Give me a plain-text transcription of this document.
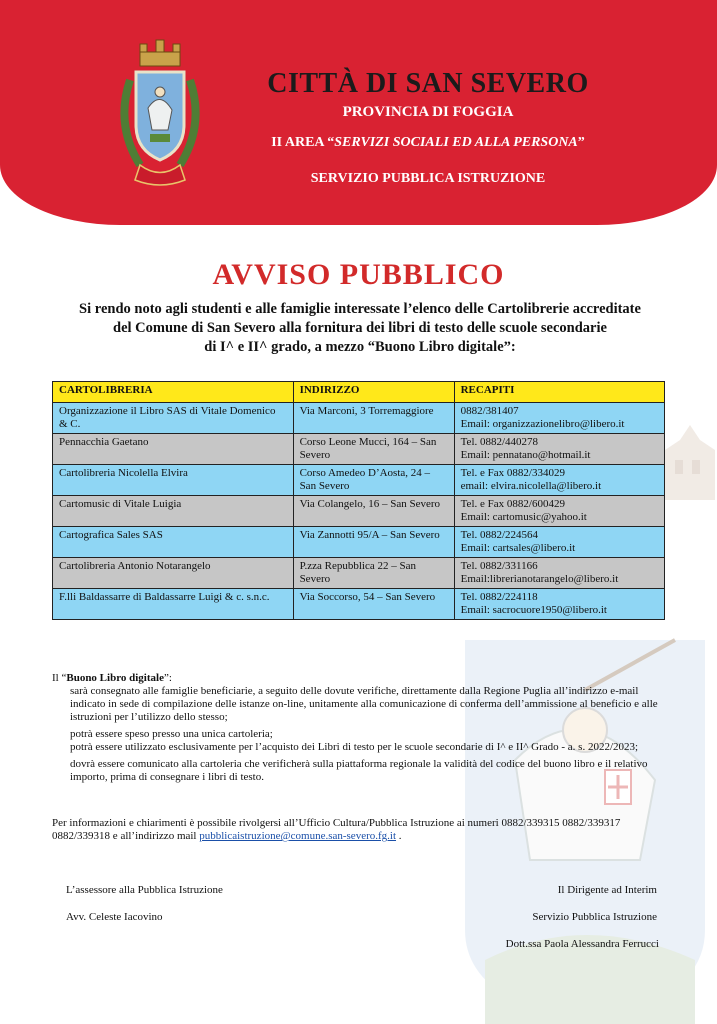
CITTÀ DI SAN SEVERO
PROVINCIA DI FOGGIA
II AREA “SERVIZI SOCIALI ED ALLA PERSONA”
SERVIZIO PUBBLICA ISTRUZIONE
AVVISO PUBBLICO
Si rendo noto agli studenti e alle famiglie interessate l’elenco delle Cartolibrerie accreditate
del Comune di San Severo alla fornitura dei libri di testo delle scuole secondarie
di I^ e II^ grado, a mezzo “Buono Libro digitale”:
CARTOLIBRERIA	INDIRIZZO	RECAPITI
Organizzazione il Libro SAS di Vitale Domenico & C.	Via Marconi, 3 Torremaggiore	0882/381407
Email: organizzazionelibro@libero.it

Pennacchia Gaetano	Corso Leone Mucci, 164 – San Severo	Tel. 0882/440278
Email: pennatano@hotmail.it

Cartolibreria Nicolella Elvira	Corso Amedeo D’Aosta, 24 – San Severo	Tel. e Fax 0882/334029
email: elvira.nicolella@libero.it

Cartomusic di Vitale Luigia	Via Colangelo, 16 – San Severo	Tel. e Fax 0882/600429
Email: cartomusic@yahoo.it

Cartografica Sales SAS	Via Zannotti 95/A – San Severo	Tel. 0882/224564
Email: cartsales@libero.it

Cartolibreria Antonio Notarangelo	P.zza Repubblica 22 – San Severo	Tel. 0882/331166
Email:librerianotarangelo@libero.it

F.lli Baldassarre di Baldassarre Luigi & c. s.n.c.	Via Soccorso, 54 – San Severo	Tel. 0882/224118
Email: sacrocuore1950@libero.it

Il “Buono Libro digitale”:

sarà consegnato alle famiglie beneficiarie, a seguito delle dovute verifiche, direttamente dalla Regione Puglia all’indirizzo e-mail indicato in sede di compilazione delle istanze on-line, unitamente alla comunicazione di conferma dell’ammissione al beneficio e alle istruzioni per l’utilizzo dello stesso;

potrà essere speso presso una unica cartoleria;

potrà essere utilizzato esclusivamente per l’acquisto dei Libri di testo per le scuole secondarie di I^ e II^ Grado - a. s. 2022/2023;

dovrà essere comunicato alla cartoleria che verificherà sulla piattaforma regionale la validità del codice del buono libro e il relativo importo, prima di consegnare i libri di testo.

Per informazioni e chiarimenti è possibile rivolgersi all’Ufficio Cultura/Pubblica Istruzione ai numeri 0882/339315 0882/339317 0882/339318 e all’indirizzo mail pubblicaistruzione@comune.san-severo.fg.it .
L’assessore alla Pubblica Istruzione
Avv. Celeste Iacovino
Il Dirigente ad Interim
Servizio Pubblica Istruzione
Dott.ssa Paola Alessandra Ferrucci
